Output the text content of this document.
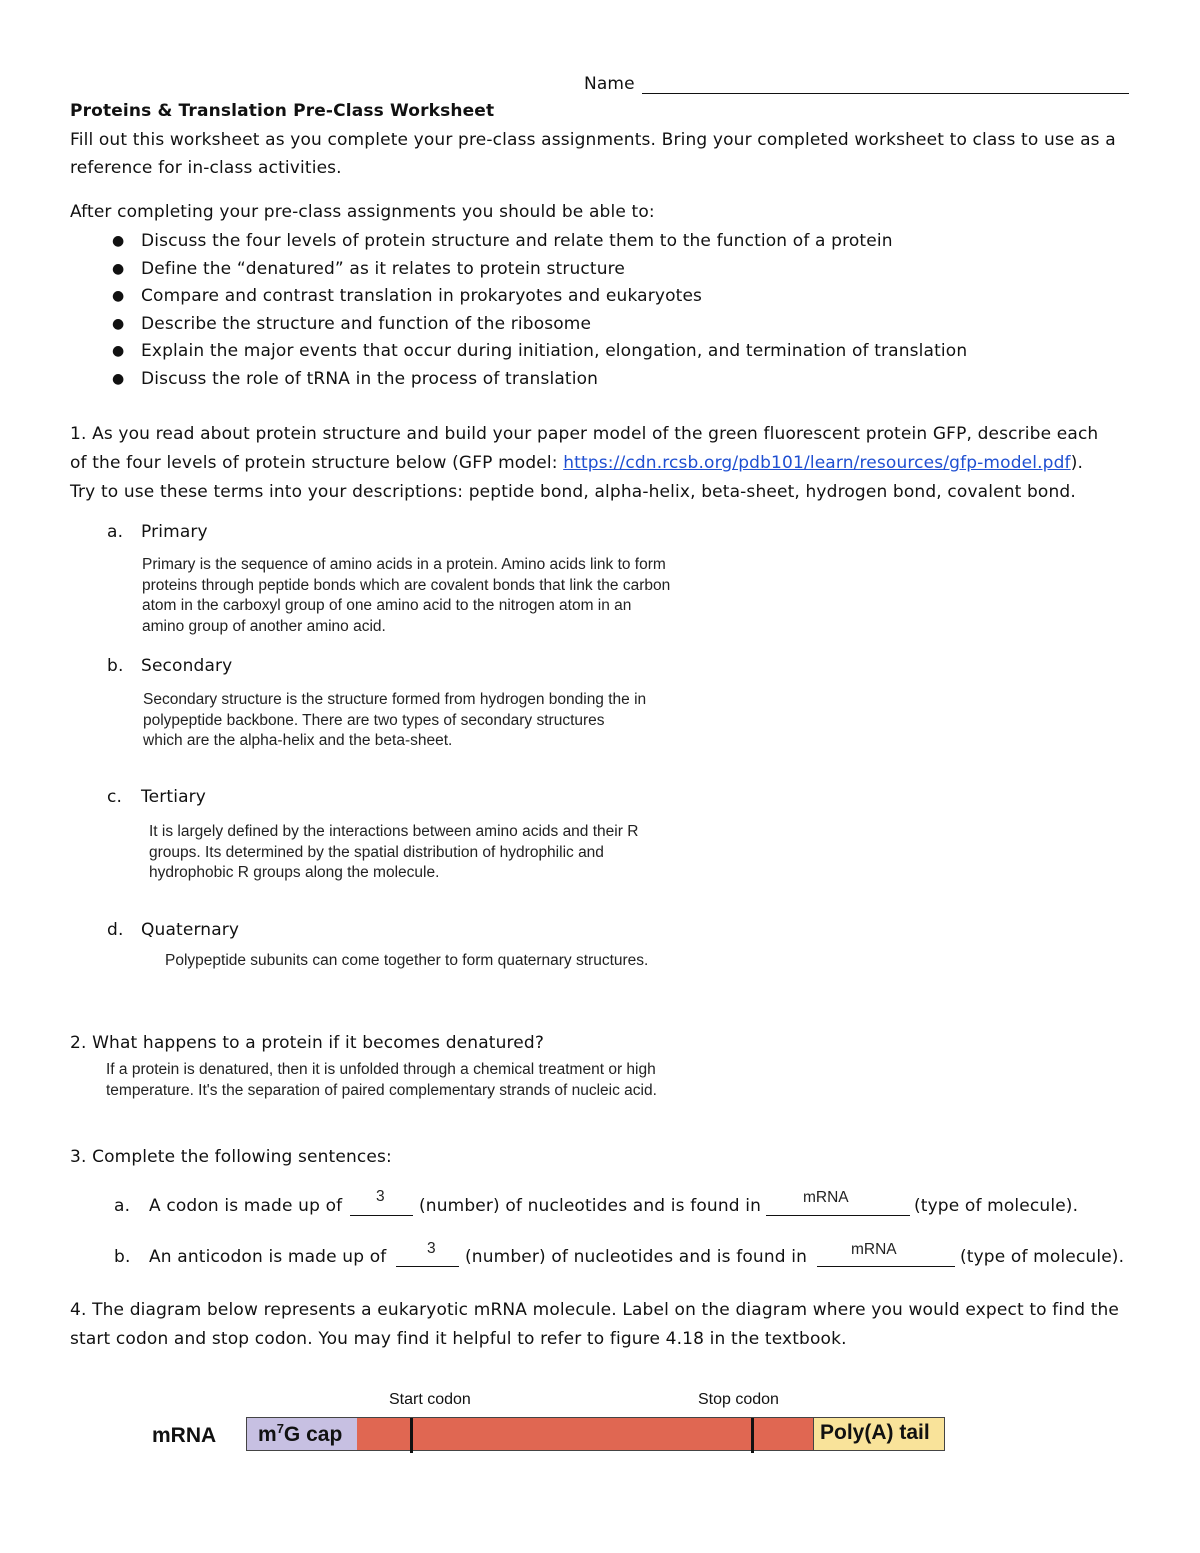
Name
Proteins & Translation Pre-Class Worksheet
Fill out this worksheet as you complete your pre-class assignments. Bring your completed worksheet to class to use as a
reference for in-class activities.
After completing your pre-class assignments you should be able to:
● Discuss the four levels of protein structure and relate them to the function of a protein
● Define the “denatured” as it relates to protein structure
● Compare and contrast translation in prokaryotes and eukaryotes
● Describe the structure and function of the ribosome
● Explain the major events that occur during initiation, elongation, and termination of translation
● Discuss the role of tRNA in the process of translation
1. As you read about protein structure and build your paper model of the green fluorescent protein GFP, describe each
of the four levels of protein structure below (GFP model: https://cdn.rcsb.org/pdb101/learn/resources/gfp-model.pdf).
Try to use these terms into your descriptions: peptide bond, alpha-helix, beta-sheet, hydrogen bond, covalent bond.
a. Primary
Primary is the sequence of amino acids in a protein. Amino acids link to form
proteins through peptide bonds which are covalent bonds that link the carbon
atom in the carboxyl group of one amino acid to the nitrogen atom in an
amino group of another amino acid.
b. Secondary
Secondary structure is the structure formed from hydrogen bonding the in
polypeptide backbone. There are two types of secondary structures
which are the alpha-helix and the beta-sheet.
c. Tertiary
It is largely defined by the interactions between amino acids and their R
groups. Its determined by the spatial distribution of hydrophilic and
hydrophobic R groups along the molecule.
d. Quaternary
Polypeptide subunits can come together to form quaternary structures.
2. What happens to a protein if it becomes denatured?
If a protein is denatured, then it is unfolded through a chemical treatment or high
temperature. It's the separation of paired complementary strands of nucleic acid.
3. Complete the following sentences:
a. A codon is made up of 3 (number) of nucleotides and is found in	mRNA	(type of molecule).
b. An anticodon is made up of	3 (number) of nucleotides and is found in	mRNA	(type of molecule).
4. The diagram below represents a eukaryotic mRNA molecule. Label on the diagram where you would expect to find the
start codon and stop codon. You may find it helpful to refer to figure 4.18 in the textbook.
Start codon	Stop codon
mRNA $m^7G$ cap	Poly(A) tail
